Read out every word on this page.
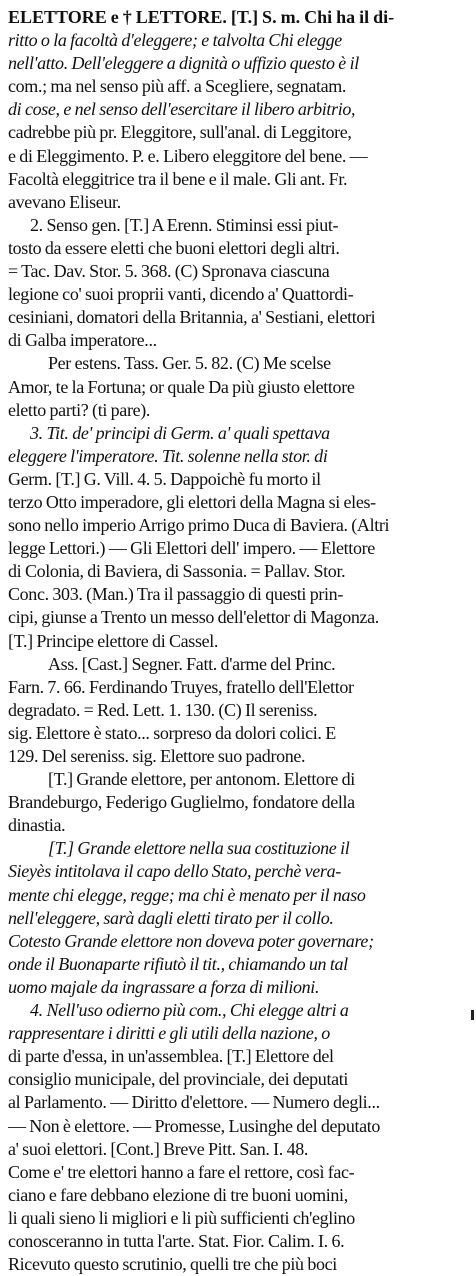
ELETTORE e † LETTORE. [T.] S. m. Chi ha il di-
ritto o la facoltà d'eleggere; e talvolta Chi elegge
nell'atto. Dell'eleggere a dignità o uffizio questo è il
com.; ma nel senso più aff. a Scegliere, segnatam.
di cose, e nel senso dell'esercitare il libero arbitrio,
cadrebbe più pr. Eleggitore, sull'anal. di Leggitore,
e di Eleggimento. P. e. Libero eleggitore del bene. —
Facoltà eleggitrice tra il bene e il male. Gli ant. Fr.
avevano Eliseur.
2. Senso gen. [T.] A Erenn. Stiminsi essi piut-
tosto da essere eletti che buoni elettori degli altri.
= Tac. Dav. Stor. 5. 368. (C) Spronava ciascuna
legione co' suoi proprii vanti, dicendo a' Quattordi-
cesiniani, domatori della Britannia, a' Sestiani, elettori
di Galba imperatore...
Per estens. Tass. Ger. 5. 82. (C) Me scelse
Amor, te la Fortuna; or quale Da più giusto elettore
eletto parti? (ti pare).
3. Tit. de' principi di Germ. a' quali spettava
eleggere l'imperatore. Tit. solenne nella stor. di
Germ. [T.] G. Vill. 4. 5. Dappoichè fu morto il
terzo Otto imperadore, gli elettori della Magna si eles-
sono nello imperio Arrigo primo Duca di Baviera. (Altri
legge Lettori.) — Gli Elettori dell' impero. — Elettore
di Colonia, di Baviera, di Sassonia. = Pallav. Stor.
Conc. 303. (Man.) Tra il passaggio di questi prin-
cipi, giunse a Trento un messo dell'elettor di Magonza.
[T.] Principe elettore di Cassel.
Ass. [Cast.] Segner. Fatt. d'arme del Princ.
Farn. 7. 66. Ferdinando Truyes, fratello dell'Elettor
degradato. = Red. Lett. 1. 130. (C) Il sereniss.
sig. Elettore è stato... sorpreso da dolori colici. E
129. Del sereniss. sig. Elettore suo padrone.
[T.] Grande elettore, per antonom. Elettore di
Brandeburgo, Federigo Guglielmo, fondatore della
dinastia.
[T.] Grande elettore nella sua costituzione il
Sieyès intitolava il capo dello Stato, perchè vera-
mente chi elegge, regge; ma chi è menato per il naso
nell'eleggere, sarà dagli eletti tirato per il collo.
Cotesto Grande elettore non doveva poter governare;
onde il Buonaparte rifiutò il tit., chiamando un tal
uomo majale da ingrassare a forza di milioni.
4. Nell'uso odierno più com., Chi elegge altri a
rappresentare i diritti e gli utili della nazione, o
di parte d'essa, in un'assemblea. [T.] Elettore del
consiglio municipale, del provinciale, dei deputati
al Parlamento. — Diritto d'elettore. — Numero degli...
— Non è elettore. — Promesse, Lusinghe del deputato
a' suoi elettori. [Cont.] Breve Pitt. San. I. 48.
Come e' tre elettori hanno a fare el rettore, così fac-
ciano e fare debbano elezione di tre buoni uomini,
li quali sieno li migliori e li più sufficienti ch'eglino
conosceranno in tutta l'arte. Stat. Fior. Calim. I. 6.
Ricevuto questo scrutinio, quelli tre che più boci
